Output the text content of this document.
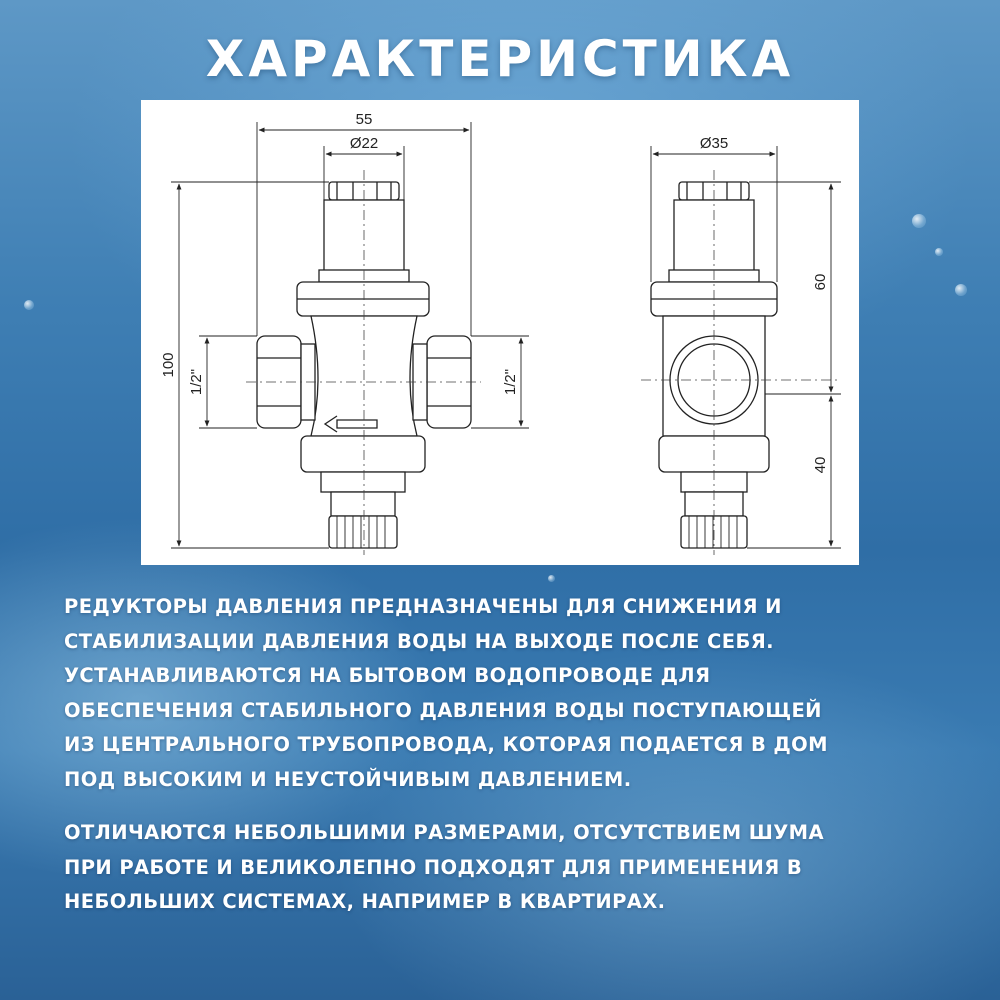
ХАРАКТЕРИСТИКА
55
Ø22
100
1/2"	1/2"
Ø35
60
40
РЕДУКТОРЫ ДАВЛЕНИЯ ПРЕДНАЗНАЧЕНЫ ДЛЯ СНИЖЕНИЯ И
СТАБИЛИЗАЦИИ ДАВЛЕНИЯ ВОДЫ НА ВЫХОДЕ ПОСЛЕ СЕБЯ.
УСТАНАВЛИВАЮТСЯ НА БЫТОВОМ ВОДОПРОВОДЕ ДЛЯ
ОБЕСПЕЧЕНИЯ СТАБИЛЬНОГО ДАВЛЕНИЯ ВОДЫ ПОСТУПАЮЩЕЙ
ИЗ ЦЕНТРАЛЬНОГО ТРУБОПРОВОДА, КОТОРАЯ ПОДАЕТСЯ В ДОМ
ПОД ВЫСОКИМ И НЕУСТОЙЧИВЫМ ДАВЛЕНИЕМ.
ОТЛИЧАЮТСЯ НЕБОЛЬШИМИ РАЗМЕРАМИ, ОТСУТСТВИЕМ ШУМА
ПРИ РАБОТЕ И ВЕЛИКОЛЕПНО ПОДХОДЯТ ДЛЯ ПРИМЕНЕНИЯ В
НЕБОЛЬШИХ СИСТЕМАХ, НАПРИМЕР В КВАРТИРАХ.
